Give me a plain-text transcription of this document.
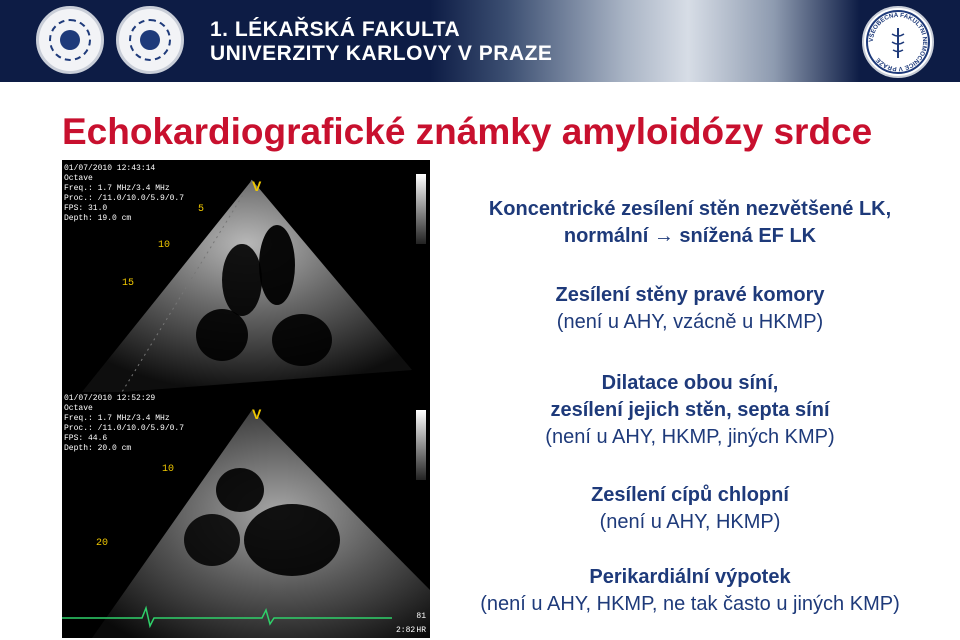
1. LÉKAŘSKÁ FAKULTA
UNIVERZITY KARLOVY V PRAZE
VŠEOBECNÁ FAKULTNÍ NEMOCNICE V PRAZE
Echokardiografické známky amyloidózy srdce
01/07/2010 12:43:14
Octave
Freq.: 1.7 MHz/3.4 MHz
Proc.: /11.0/10.0/5.9/0.7
FPS: 31.0
Depth: 19.0 cm
V
5
10
15
01/07/2010 12:52:29
Octave
Freq.: 1.7 MHz/3.4 MHz
Proc.: /11.0/10.0/5.9/0.7
FPS: 44.6
Depth: 20.0 cm
V
10
20
81
2:82 HR
Koncentrické zesílení stěn nezvětšené LK,
normální → snížená EF LK
Zesílení stěny pravé komory
(není u AHY, vzácně u HKMP)
Dilatace obou síní,
zesílení jejich stěn, septa síní
(není u AHY, HKMP, jiných KMP)
Zesílení cípů chlopní
(není u AHY, HKMP)
Perikardiální výpotek
(není u AHY, HKMP, ne tak často u jiných KMP)
